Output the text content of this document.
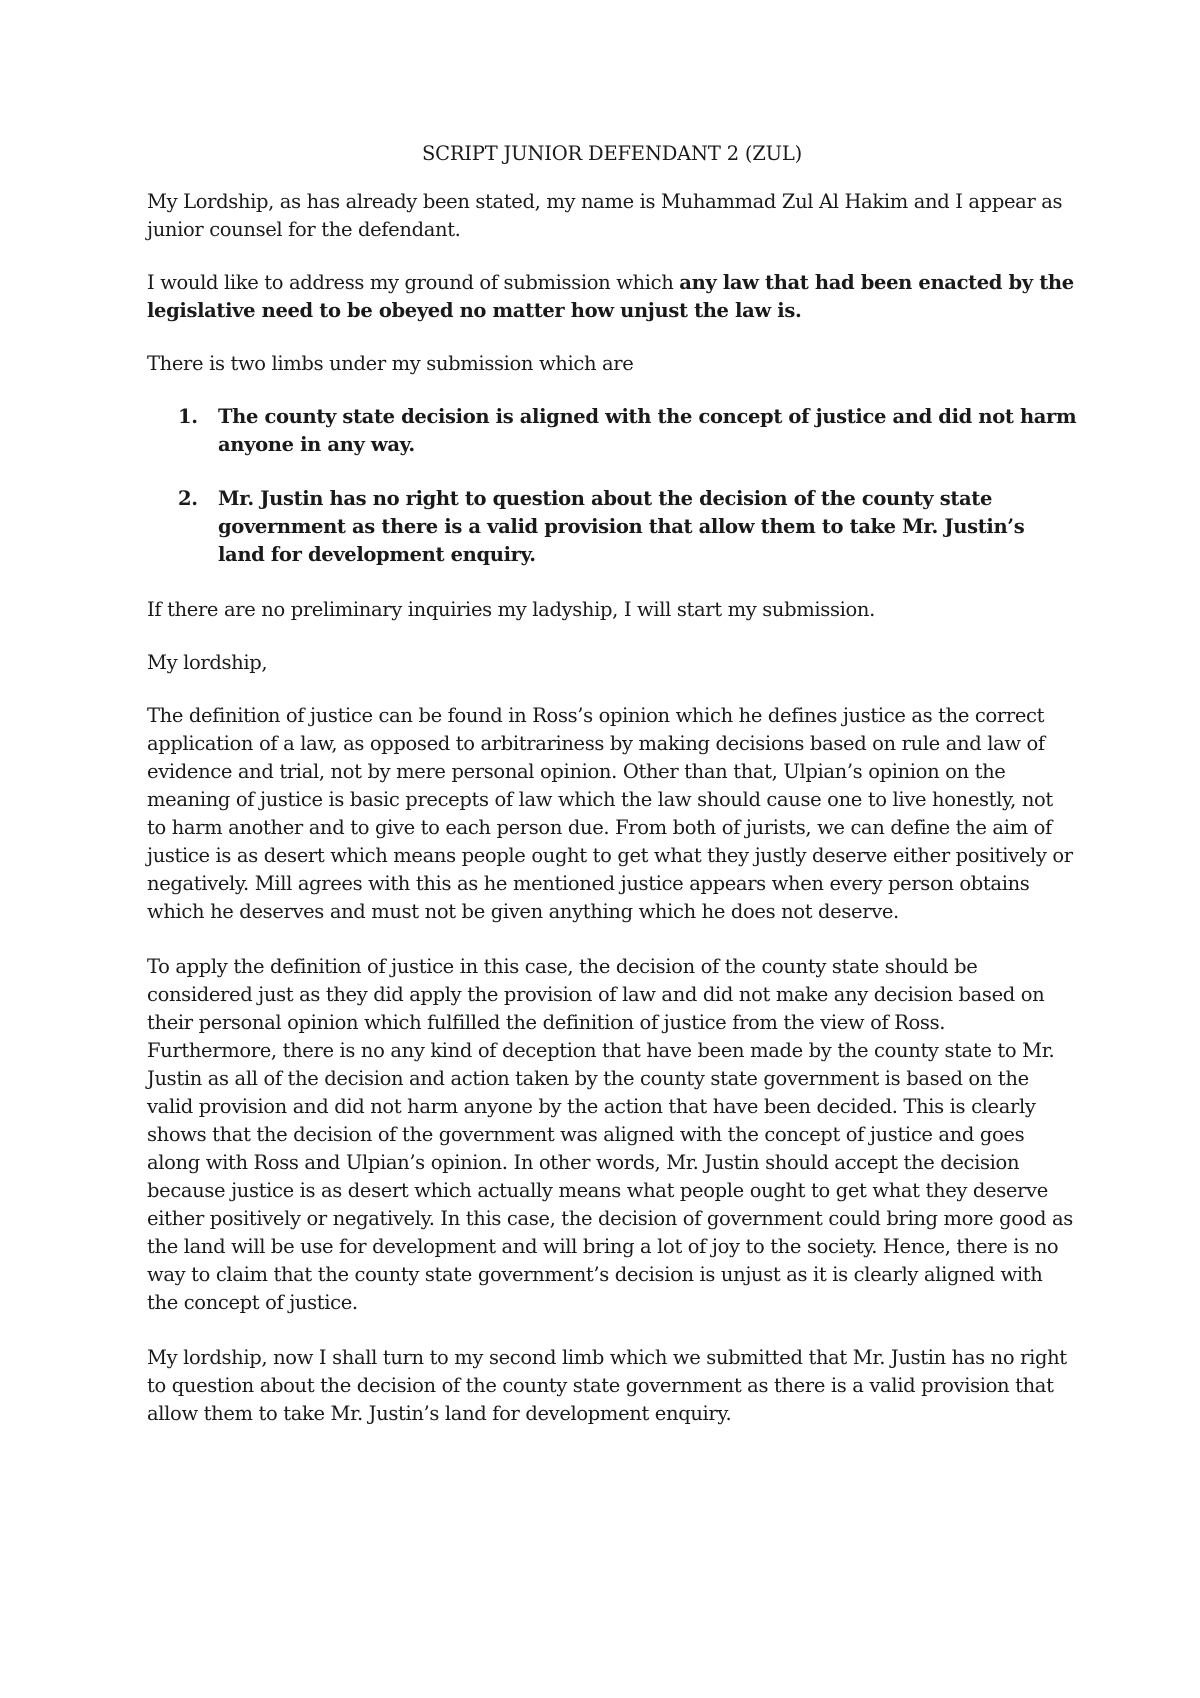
SCRIPT JUNIOR DEFENDANT 2 (ZUL)

My Lordship, as has already been stated, my name is Muhammad Zul Al Hakim and I appear as junior counsel for the defendant.

I would like to address my ground of submission which any law that had been enacted by the legislative need to be obeyed no matter how unjust the law is.

There is two limbs under my submission which are

1. The county state decision is aligned with the concept of justice and did not harm anyone in any way.
2. Mr. Justin has no right to question about the decision of the county state government as there is a valid provision that allow them to take Mr. Justin’s land for development enquiry.

If there are no preliminary inquiries my ladyship, I will start my submission.

My lordship,

The definition of justice can be found in Ross’s opinion which he defines justice as the correct application of a law, as opposed to arbitrariness by making decisions based on rule and law of evidence and trial, not by mere personal opinion. Other than that, Ulpian’s opinion on the meaning of justice is basic precepts of law which the law should cause one to live honestly, not to harm another and to give to each person due. From both of jurists, we can define the aim of justice is as desert which means people ought to get what they justly deserve either positively or negatively. Mill agrees with this as he mentioned justice appears when every person obtains which he deserves and must not be given anything which he does not deserve.

To apply the definition of justice in this case, the decision of the county state should be considered just as they did apply the provision of law and did not make any decision based on their personal opinion which fulfilled the definition of justice from the view of Ross. Furthermore, there is no any kind of deception that have been made by the county state to Mr. Justin as all of the decision and action taken by the county state government is based on the valid provision and did not harm anyone by the action that have been decided. This is clearly shows that the decision of the government was aligned with the concept of justice and goes along with Ross and Ulpian’s opinion. In other words, Mr. Justin should accept the decision because justice is as desert which actually means what people ought to get what they deserve either positively or negatively. In this case, the decision of government could bring more good as the land will be use for development and will bring a lot of joy to the society. Hence, there is no way to claim that the county state government’s decision is unjust as it is clearly aligned with the concept of justice.

My lordship, now I shall turn to my second limb which we submitted that Mr. Justin has no right to question about the decision of the county state government as there is a valid provision that allow them to take Mr. Justin’s land for development enquiry.
